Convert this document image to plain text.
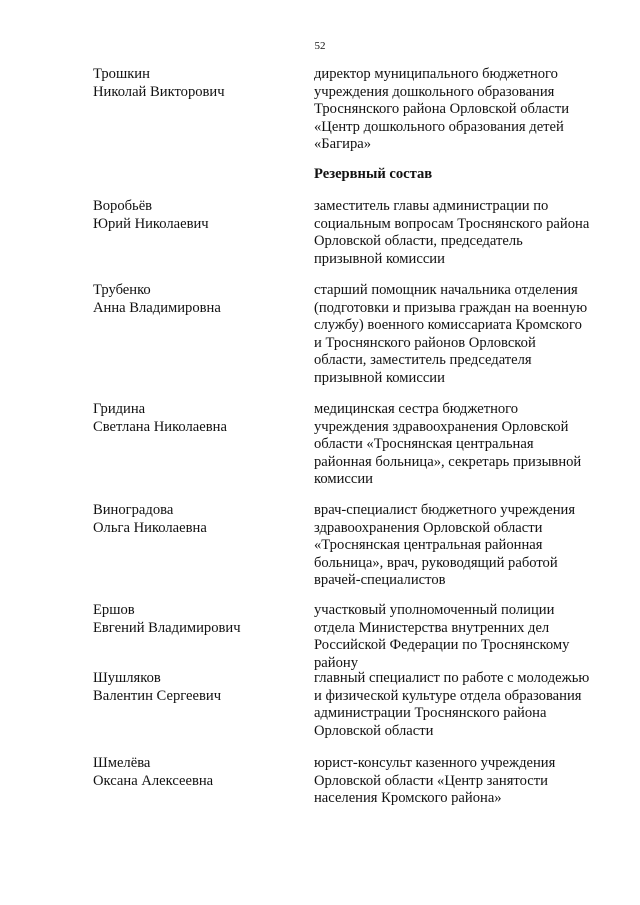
52
Трошкин
Николай Викторович
директор муниципального бюджетного
учреждения дошкольного образования
Троснянского района Орловской области
«Центр дошкольного образования детей
«Багира»
Резервный состав
Воробьёв
Юрий Николаевич
заместитель главы администрации по
социальным вопросам Троснянского района
Орловской области, председатель
призывной комиссии
Трубенко
Анна Владимировна
старший помощник начальника отделения
(подготовки и призыва граждан на военную
службу) военного комиссариата Кромского
и Троснянского районов Орловской
области, заместитель председателя
призывной комиссии
Гридина
Светлана Николаевна
медицинская сестра бюджетного
учреждения здравоохранения Орловской
области «Троснянская центральная
районная больница», секретарь призывной
комиссии
Виноградова
Ольга Николаевна
врач-специалист бюджетного учреждения
здравоохранения Орловской области
«Троснянская центральная районная
больница», врач, руководящий работой
врачей-специалистов
Ершов
Евгений Владимирович
участковый уполномоченный полиции
отдела Министерства внутренних дел
Российской Федерации по Троснянскому
району
Шушляков
Валентин Сергеевич
главный специалист по работе с молодежью
и физической культуре отдела образования
администрации Троснянского района
Орловской области
Шмелёва
Оксана Алексеевна
юрист-консульт казенного учреждения
Орловской области «Центр занятости
населения Кромского района»
